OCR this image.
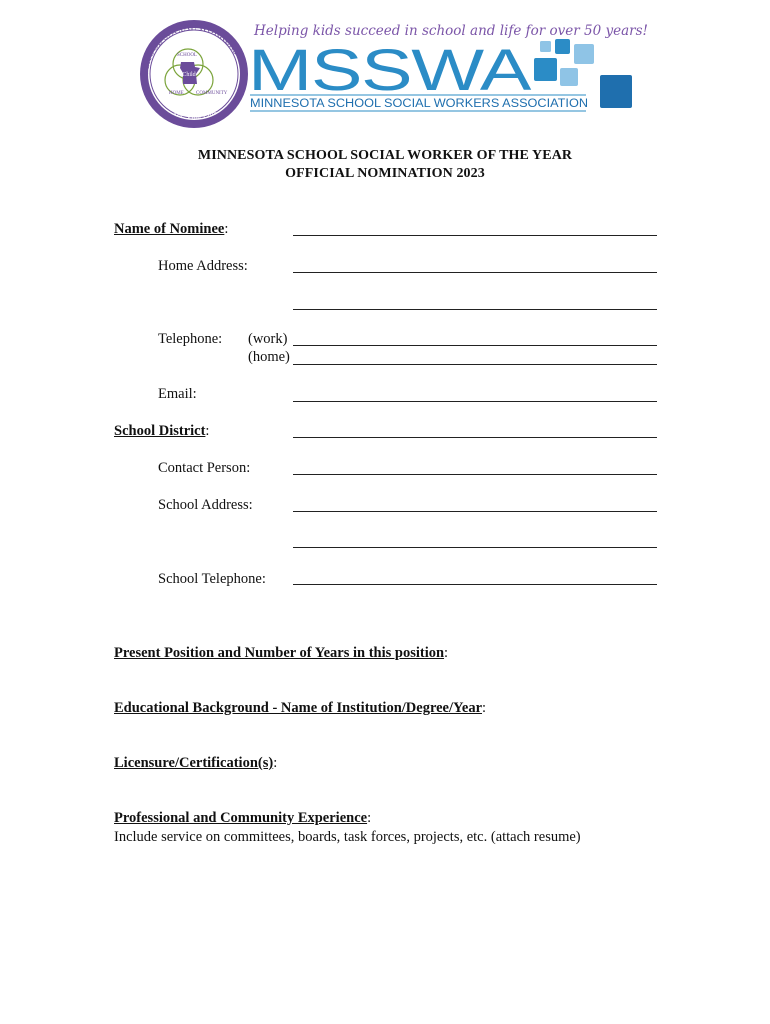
SCHOOL SOCIAL WORKERS
The Vital Link
Child
SCHOOL
HOME COMMUNITY
Helping kids succeed in school and life for over 50 years!
MSSWA
MINNESOTA SCHOOL SOCIAL WORKERS ASSOCIATION
MINNESOTA SCHOOL SOCIAL WORKER OF THE YEAR
OFFICIAL NOMINATION 2023
Name of Nominee:
Home Address:
Telephone: (work)
(home)
Email:
School District:
Contact Person:
School Address:
School Telephone:
Present Position and Number of Years in this position:
Educational Background - Name of Institution/Degree/Year:
Licensure/Certification(s):
Professional and Community Experience:
Include service on committees, boards, task forces, projects, etc. (attach resume)
